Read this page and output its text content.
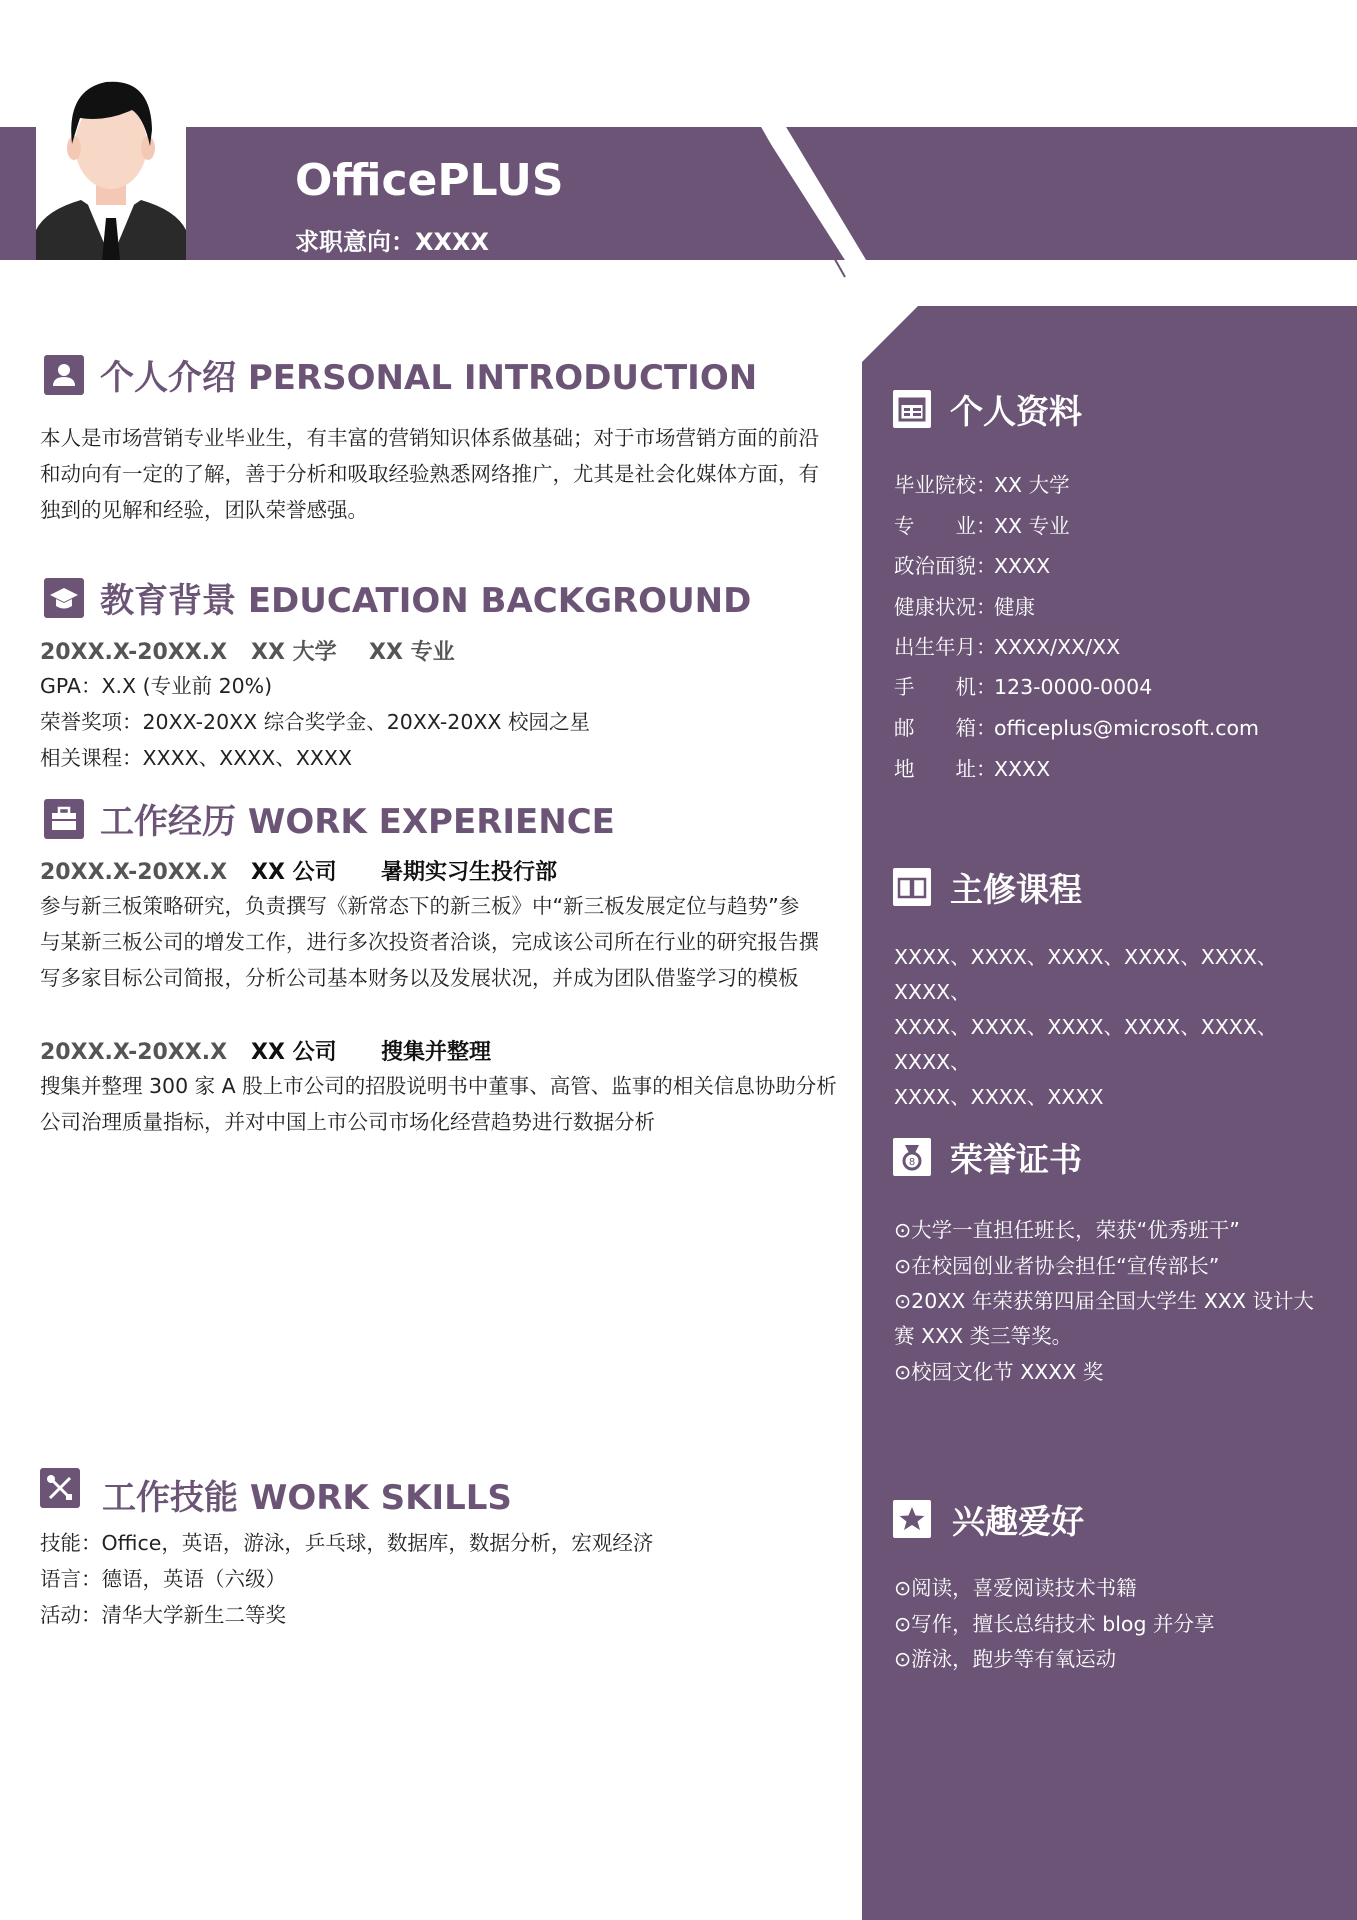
OfficePLUS
求职意向：XXXX
个人资料
毕业院校：XX 大学
专　　业：XX 专业
政治面貌：XXXX
健康状况：健康
出生年月：XXXX/XX/XX
手　　机：123-0000-0004
邮　　箱：officeplus@microsoft.com
地　　址：XXXX
主修课程
XXXX、XXXX、XXXX、XXXX、XXXX、XXXX、
XXXX、XXXX、XXXX、XXXX、XXXX、XXXX、
XXXX、XXXX、XXXX
8 荣誉证书
⊙大学一直担任班长，荣获“优秀班干”
⊙在校园创业者协会担任“宣传部长”
⊙20XX 年荣获第四届全国大学生 XXX 设计大赛 XXX 类三等奖。
⊙校园文化节 XXXX 奖
兴趣爱好
⊙阅读，喜爱阅读技术书籍
⊙写作，擅长总结技术 blog 并分享
⊙游泳，跑步等有氧运动
个人介绍 PERSONAL INTRODUCTION
本人是市场营销专业毕业生，有丰富的营销知识体系做基础；对于市场营销方面的前沿
和动向有一定的了解，善于分析和吸取经验熟悉网络推广，尤其是社会化媒体方面，有
独到的见解和经验，团队荣誉感强。
教育背景 EDUCATION BACKGROUND
20XX.X-20XX.X XX 大学 XX 专业
GPA：X.X (专业前 20%)
荣誉奖项：20XX-20XX 综合奖学金、20XX-20XX 校园之星
相关课程：XXXX、XXXX、XXXX
工作经历 WORK EXPERIENCE
20XX.X-20XX.X XX 公司 暑期实习生投行部
参与新三板策略研究，负责撰写《新常态下的新三板》中“新三板发展定位与趋势”参
与某新三板公司的增发工作，进行多次投资者洽谈，完成该公司所在行业的研究报告撰
写多家目标公司简报，分析公司基本财务以及发展状况，并成为团队借鉴学习的模板
20XX.X-20XX.X XX 公司 搜集并整理
搜集并整理 300 家 A 股上市公司的招股说明书中董事、高管、监事的相关信息协助分析
公司治理质量指标，并对中国上市公司市场化经营趋势进行数据分析
工作技能 WORK SKILLS
技能：Office，英语，游泳，乒乓球，数据库，数据分析，宏观经济
语言：德语，英语（六级）
活动：清华大学新生二等奖
